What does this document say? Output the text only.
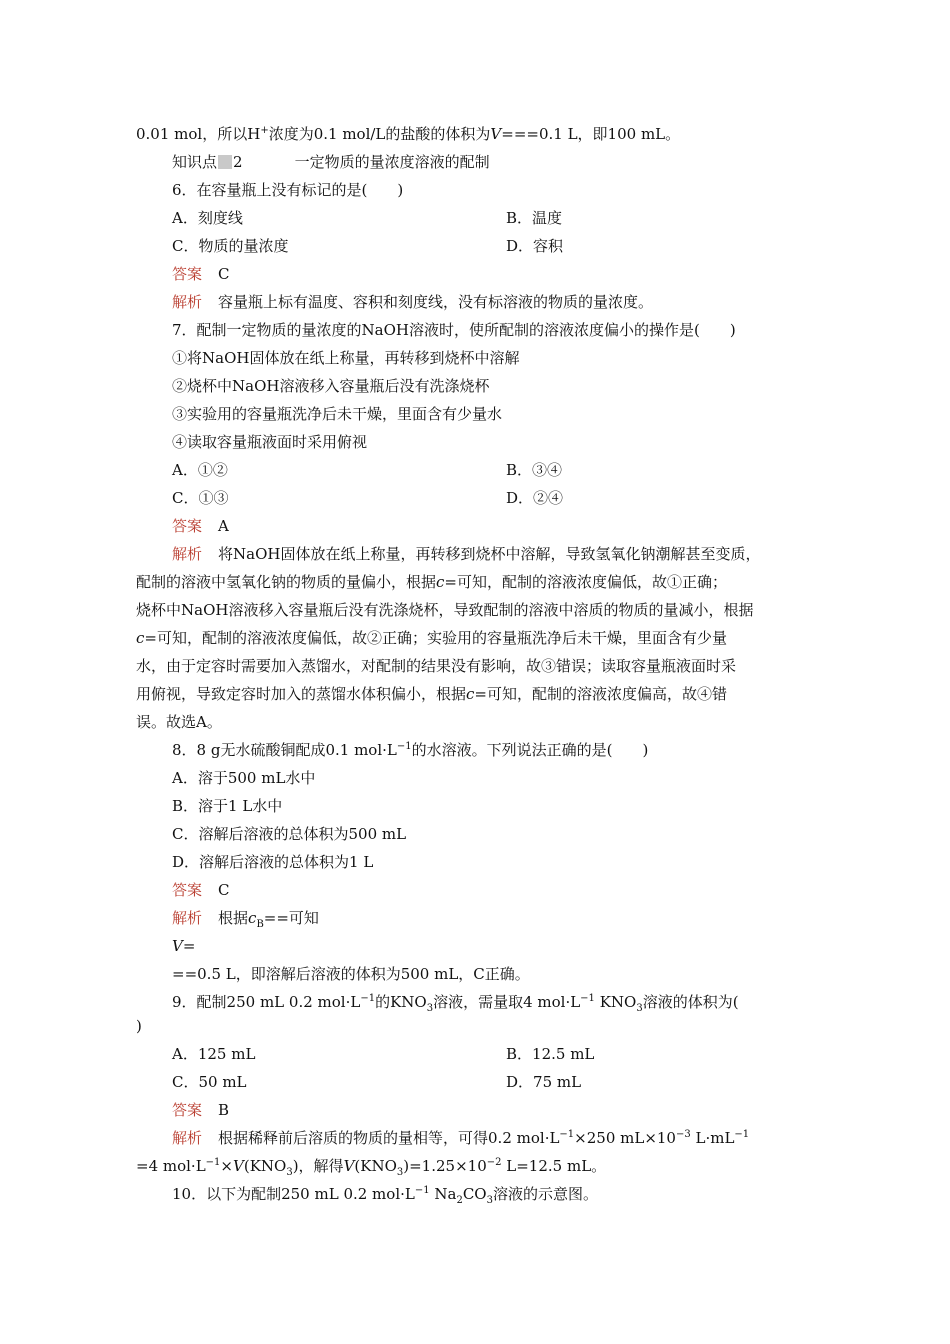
0.01 mol，所以H+浓度为0.1 mol/L的盐酸的体积为V===0.1 L，即100 mL。
知识点 2	一定物质的量浓度溶液的配制
6．在容量瓶上没有标记的是(　　)
A．刻度线	B．温度
C．物质的量浓度	D．容积
答案 C
解析 容量瓶上标有温度、容积和刻度线，没有标溶液的物质的量浓度。
7．配制一定物质的量浓度的NaOH溶液时，使所配制的溶液浓度偏小的操作是(　　)
①将NaOH固体放在纸上称量，再转移到烧杯中溶解
②烧杯中NaOH溶液移入容量瓶后没有洗涤烧杯
③实验用的容量瓶洗净后未干燥，里面含有少量水
④读取容量瓶液面时采用俯视
A．①②	B．③④
C．①③	D．②④
答案 A
解析 将NaOH固体放在纸上称量，再转移到烧杯中溶解，导致氢氧化钠潮解甚至变质，
配制的溶液中氢氧化钠的物质的量偏小，根据c=可知，配制的溶液浓度偏低，故①正确；
烧杯中NaOH溶液移入容量瓶后没有洗涤烧杯，导致配制的溶液中溶质的物质的量减小，根据
c=可知，配制的溶液浓度偏低，故②正确；实验用的容量瓶洗净后未干燥，里面含有少量
水，由于定容时需要加入蒸馏水，对配制的结果没有影响，故③错误；读取容量瓶液面时采
用俯视，导致定容时加入的蒸馏水体积偏小，根据c=可知，配制的溶液浓度偏高，故④错
误。故选A。
8．8 g无水硫酸铜配成0.1 $mol\cdot L^{-1}$的水溶液。下列说法正确的是(　　)
A．溶于500 mL水中
B．溶于1 L水中
C．溶解后溶液的总体积为500 mL
D．溶解后溶液的总体积为1 L
答案 C
解析 根据$c_B==$可知
V=
==0.5 L，即溶解后溶液的体积为500 mL，C正确。
9．配制250 mL 0.2 $mol\cdot L^{-1}$的$KNO_3$溶液，需量取4 $mol\cdot L^{-1}$ $KNO_3$溶液的体积为(
)
A．125 mL	B．12.5 mL
C．50 mL	D．75 mL
答案 B
解析 根据稀释前后溶质的物质的量相等，可得0.2 $mol\cdot L^{-1}\times 250$ $mL\times 10^{-3}$ $L\cdot mL^{-1}$
=4 $mol\cdot L^{-1}\times V(KNO_3)$，解得$V(KNO_3)=1.25\times 10^{-2}$ L=12.5 mL。
10．以下为配制250 mL 0.2 $mol\cdot L^{-1}$ $Na_2CO_3$溶液的示意图。
